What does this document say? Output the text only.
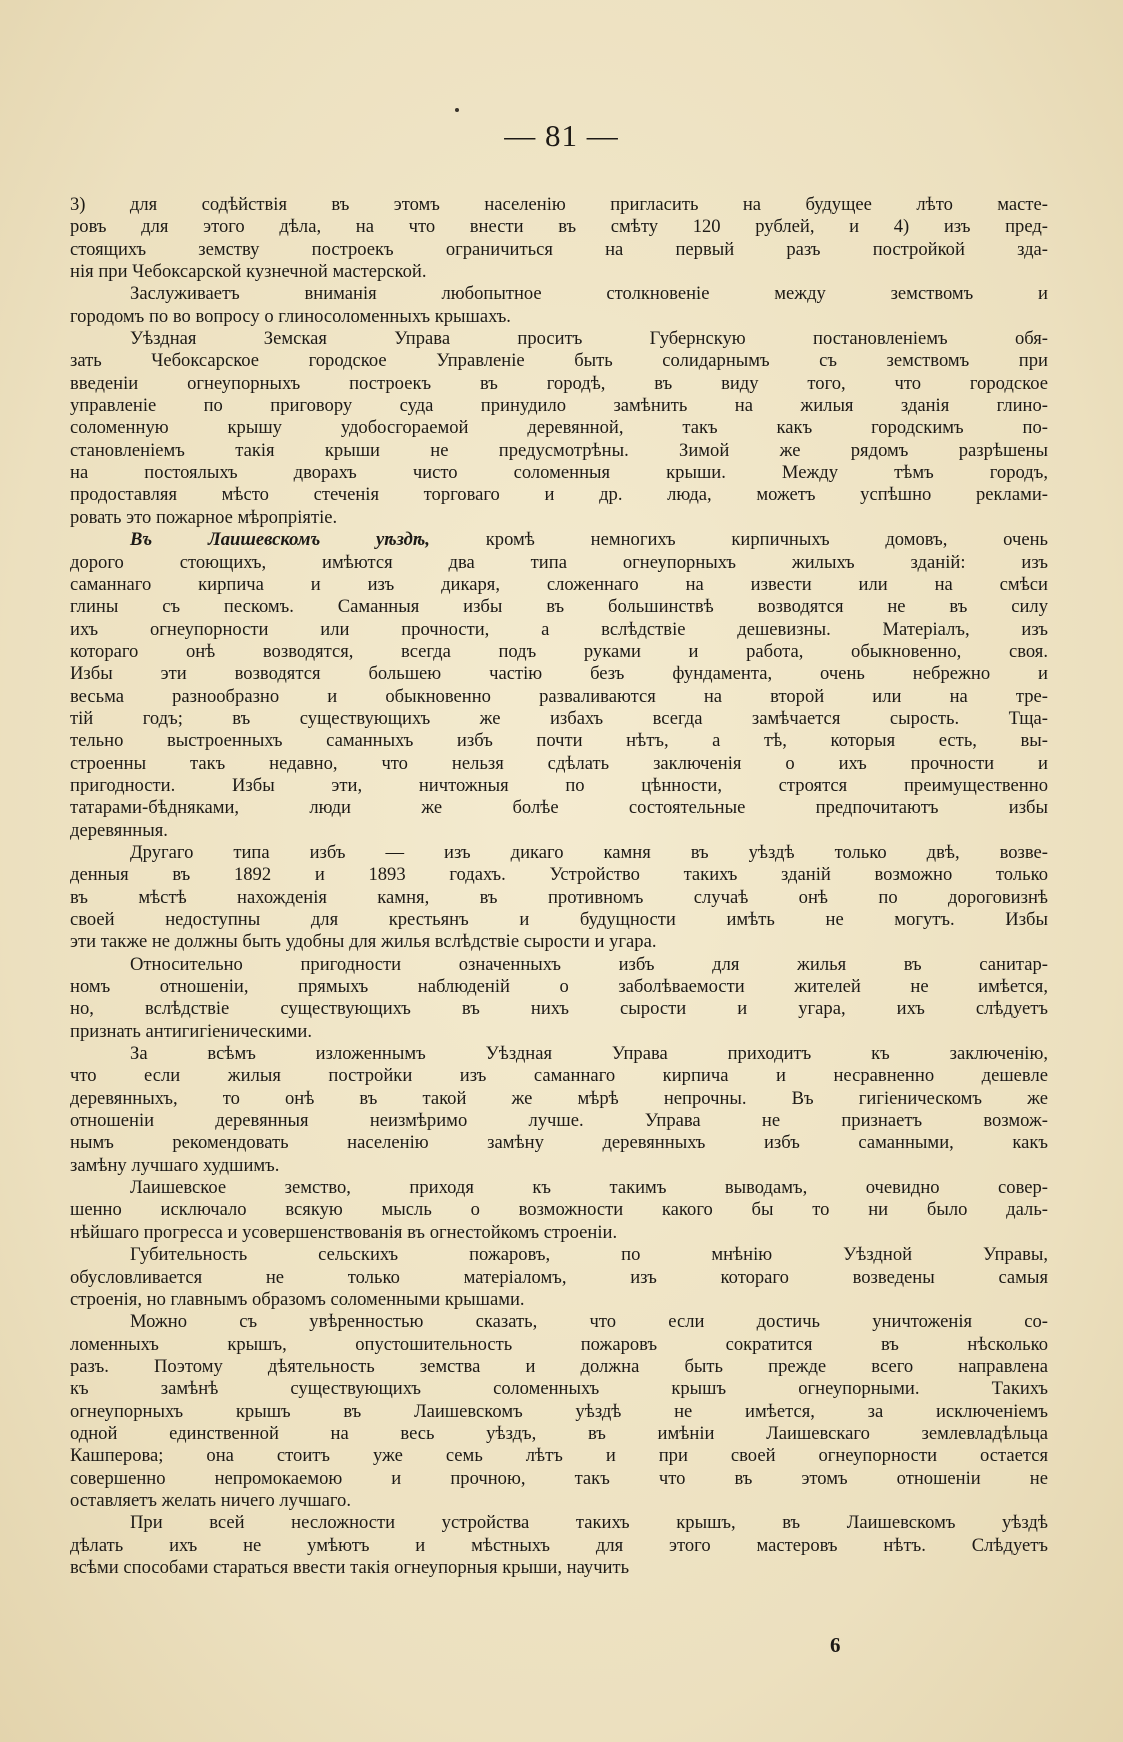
— 81 —

3) для содѣйствія въ этомъ населенію пригласить на будущее лѣто масте-

ровъ для этого дѣла, на что внести въ смѣту 120 рублей, и 4) изъ пред-

стоящихъ земству построекъ ограничиться на первый разъ постройкой зда-

нія при Чебоксарской кузнечной мастерской.

Заслуживаетъ вниманія любопытное столкновеніе между земствомъ и

городомъ по во вопросу о глиносоломенныхъ крышахъ.

Уѣздная Земская Управа проситъ Губернскую постановленіемъ обя-

зать Чебоксарское городское Управленіе быть солидарнымъ съ земствомъ при

введеніи огнеупорныхъ построекъ въ городѣ, въ виду того, что городское

управленіе по приговору суда принудило замѣнить на жилыя зданія глино-

соломенную крышу удобосгораемой деревянной, такъ какъ городскимъ по-

становленіемъ такія крыши не предусмотрѣны. Зимой же рядомъ разрѣшены

на постоялыхъ дворахъ чисто соломенныя крыши. Между тѣмъ городъ,

продоставляя мѣсто стеченія торговаго и др. люда, можетъ успѣшно реклами-

ровать это пожарное мѣропріятіе.

Въ Лаишевскомъ уѣздѣ, кромѣ немногихъ кирпичныхъ домовъ, очень

дорого стоющихъ, имѣются два типа огнеупорныхъ жилыхъ зданій: изъ

саманнаго кирпича и изъ дикаря, сложеннаго на извести или на смѣси

глины съ пескомъ. Саманныя избы въ большинствѣ возводятся не въ силу

ихъ огнеупорности или прочности, а вслѣдствіе дешевизны. Матеріалъ, изъ

котораго онѣ возводятся, всегда подъ руками и работа, обыкновенно, своя.

Избы эти возводятся большею частію безъ фундамента, очень небрежно и

весьма разнообразно и обыкновенно разваливаются на второй или на тре-

тій годъ; въ существующихъ же избахъ всегда замѣчается сырость. Тща-

тельно выстроенныхъ саманныхъ избъ почти нѣтъ, а тѣ, которыя есть, вы-

строенны такъ недавно, что нельзя сдѣлать заключенія о ихъ прочности и

пригодности. Избы эти, ничтожныя по цѣнности, строятся преимущественно

татарами-бѣдняками, люди же болѣе состоятельные предпочитаютъ избы

деревянныя.

Другаго типа избъ — изъ дикаго камня въ уѣздѣ только двѣ, возве-

денныя въ 1892 и 1893 годахъ. Устройство такихъ зданій возможно только

въ мѣстѣ нахожденія камня, въ противномъ случаѣ онѣ по дороговизнѣ

своей недоступны для крестьянъ и будущности имѣть не могутъ. Избы

эти также не должны быть удобны для жилья вслѣдствіе сырости и угара.

Относительно пригодности означенныхъ избъ для жилья въ санитар-

номъ отношеніи, прямыхъ наблюденій о заболѣваемости жителей не имѣется,

но, вслѣдствіе существующихъ въ нихъ сырости и угара, ихъ слѣдуетъ

признать антигигіеническими.

За всѣмъ изложеннымъ Уѣздная Управа приходитъ къ заключенію,

что если жилыя постройки изъ саманнаго кирпича и несравненно дешевле

деревянныхъ, то онѣ въ такой же мѣрѣ непрочны. Въ гигіеническомъ же

отношеніи деревянныя неизмѣримо лучше. Управа не признаетъ возмож-

нымъ рекомендовать населенію замѣну деревянныхъ избъ саманными, какъ

замѣну лучшаго худшимъ.

Лаишевское земство, приходя къ такимъ выводамъ, очевидно совер-

шенно исключало всякую мысль о возможности какого бы то ни было даль-

нѣйшаго прогресса и усовершенствованія въ огнестойкомъ строеніи.

Губительность сельскихъ пожаровъ, по мнѣнію Уѣздной Управы,

обусловливается не только матеріаломъ, изъ котораго возведены самыя

строенія, но главнымъ образомъ соломенными крышами.

Можно съ увѣренностью сказать, что если достичь уничтоженія со-

ломенныхъ крышъ, опустошительность пожаровъ сократится въ нѣсколько

разъ. Поэтому дѣятельность земства и должна быть прежде всего направлена

къ замѣнѣ существующихъ соломенныхъ крышъ огнеупорными. Такихъ

огнеупорныхъ крышъ въ Лаишевскомъ уѣздѣ не имѣется, за исключеніемъ

одной единственной на весь уѣздъ, въ имѣніи Лаишевскаго землевладѣльца

Кашперова; она стоитъ уже семь лѣтъ и при своей огнеупорности остается

совершенно непромокаемою и прочною, такъ что въ этомъ отношеніи не

оставляетъ желать ничего лучшаго.

При всей несложности устройства такихъ крышъ, въ Лаишевскомъ уѣздѣ

дѣлать ихъ не умѣютъ и мѣстныхъ для этого мастеровъ нѣтъ. Слѣдуетъ

всѣми способами стараться ввести такія огнеупорныя крыши, научить

6
